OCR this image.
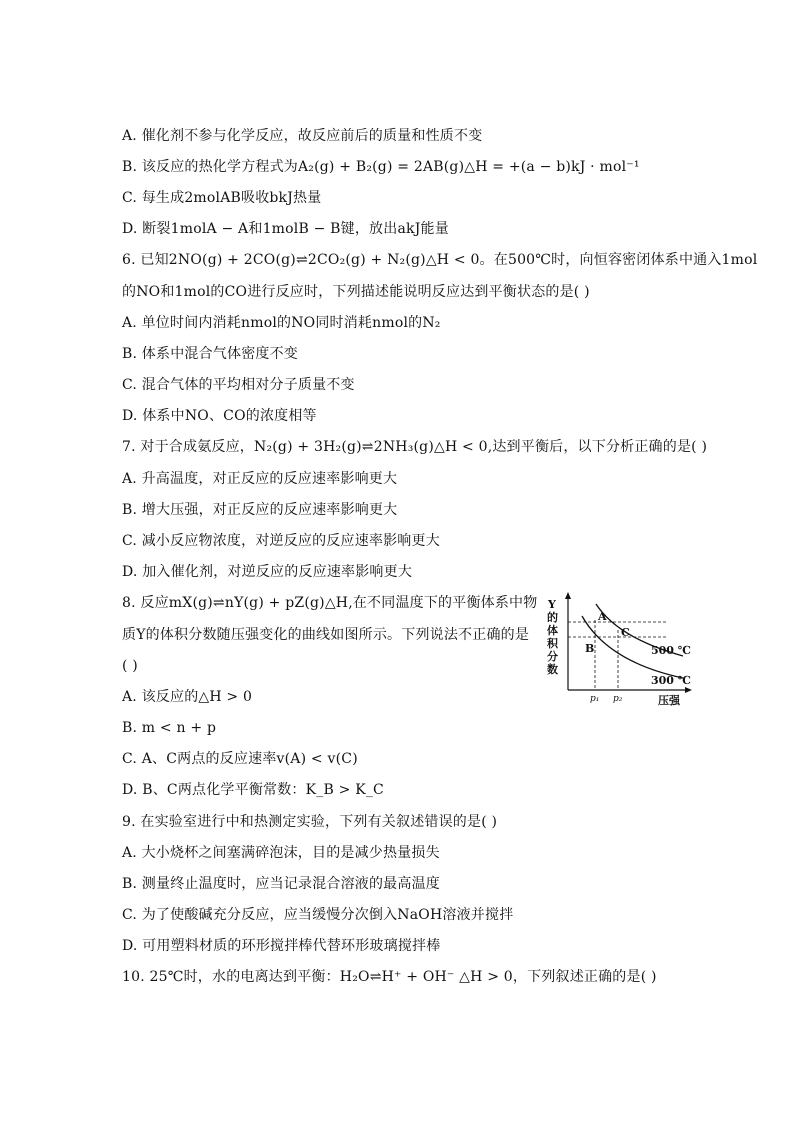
A. 催化剂不参与化学反应，故反应前后的质量和性质不变
B. 该反应的热化学方程式为A₂(g) + B₂(g) = 2AB(g)△H = +(a − b)kJ · mol⁻¹
C. 每生成2molAB吸收bkJ热量
D. 断裂1molA − A和1molB − B键，放出akJ能量
6. 已知2NO(g) + 2CO(g)⇌2CO₂(g) + N₂(g)△H < 0。在500℃时，向恒容密闭体系中通入1mol
的NO和1mol的CO进行反应时，下列描述能说明反应达到平衡状态的是( )
A. 单位时间内消耗nmol的NO同时消耗nmol的N₂
B. 体系中混合气体密度不变
C. 混合气体的平均相对分子质量不变
D. 体系中NO、CO的浓度相等
7. 对于合成氨反应，N₂(g) + 3H₂(g)⇌2NH₃(g)△H < 0,达到平衡后，以下分析正确的是( )
A. 升高温度，对正反应的反应速率影响更大
B. 增大压强，对正反应的反应速率影响更大
C. 减小反应物浓度，对逆反应的反应速率影响更大
D. 加入催化剂，对逆反应的反应速率影响更大
8. 反应mX(g)⇌nY(g) + pZ(g)△H,在不同温度下的平衡体系中物
质Y的体积分数随压强变化的曲线如图所示。下列说法不正确的是
( )
A. 该反应的△H > 0
B. m < n + p
C. A、C两点的反应速率v(A) < v(C)
D. B、C两点化学平衡常数：K_B > K_C
9. 在实验室进行中和热测定实验，下列有关叙述错误的是( )
A. 大小烧杯之间塞满碎泡沫，目的是减少热量损失
B. 测量终止温度时，应当记录混合溶液的最高温度
C. 为了使酸碱充分反应，应当缓慢分次倒入NaOH溶液并搅拌
D. 可用塑料材质的环形搅拌棒代替环形玻璃搅拌棒
10. 25℃时，水的电离达到平衡：H₂O⇌H⁺ + OH⁻ △H > 0，下列叙述正确的是( )
Y
的
体
积
分
数
A
B
C
500 ℃
300 ℃
p₁ p₂	压强
